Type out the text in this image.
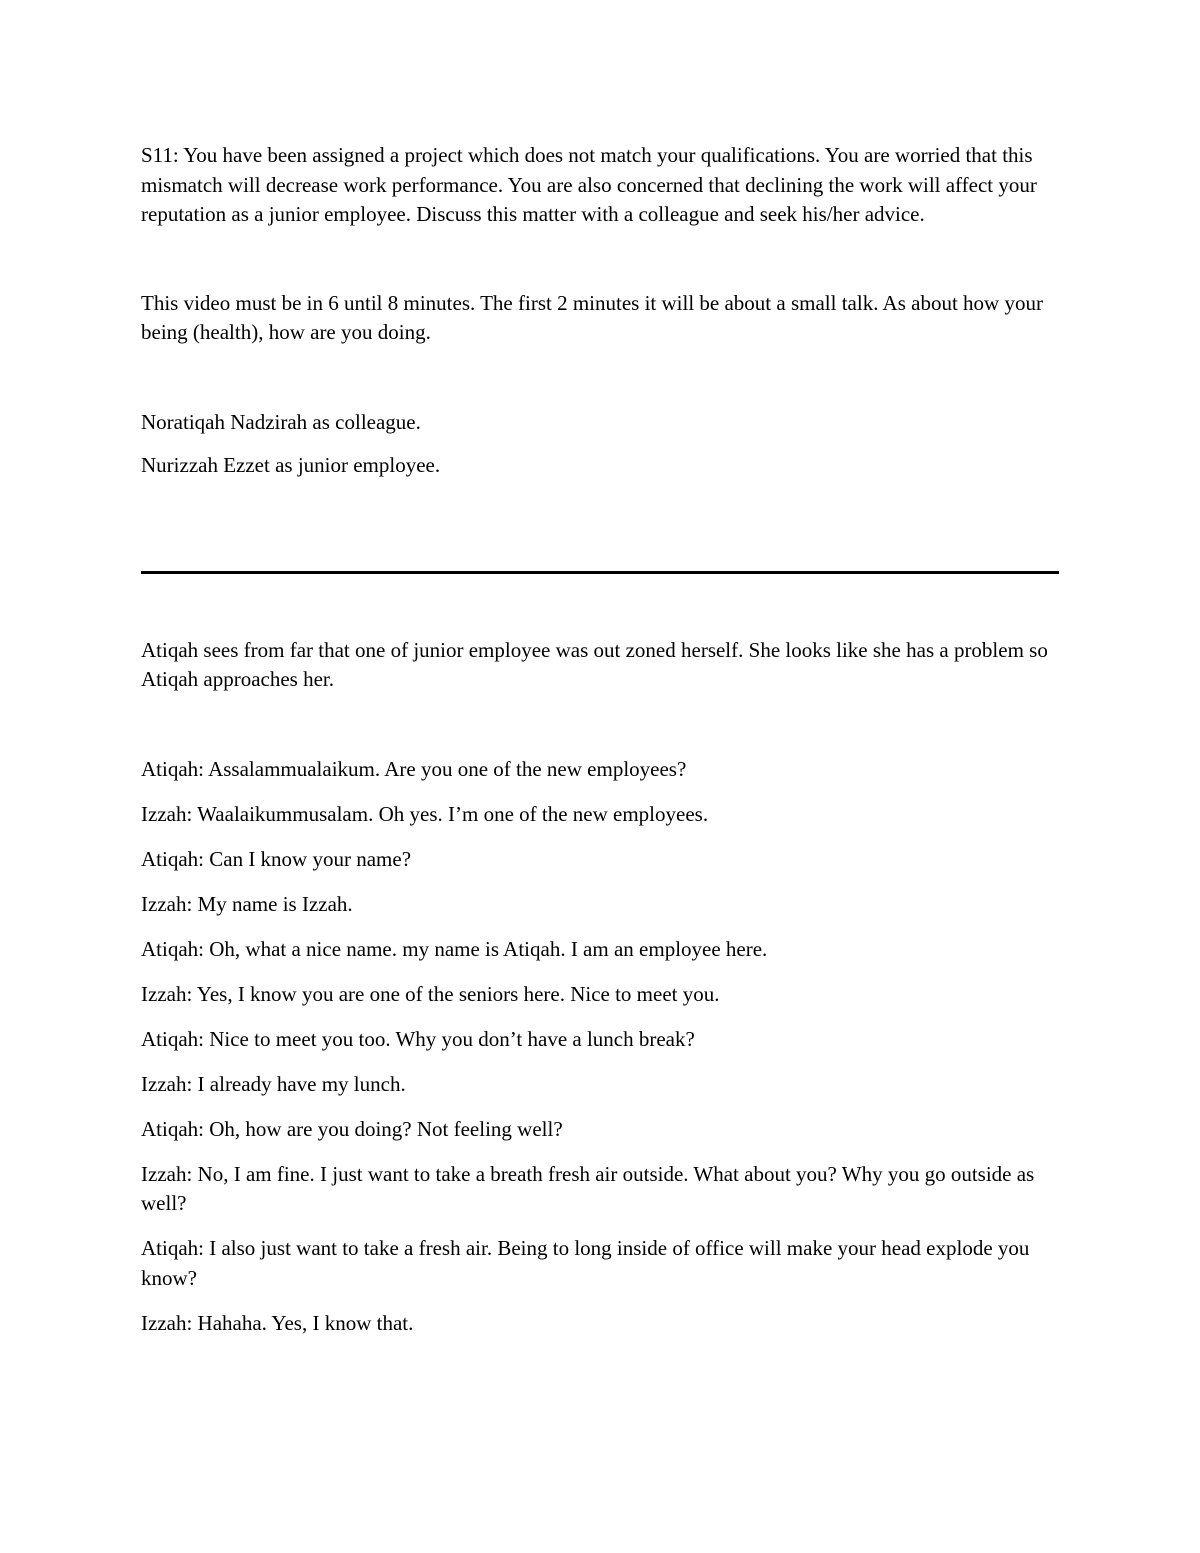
S11: You have been assigned a project which does not match your qualifications. You are worried that this mismatch will decrease work performance. You are also concerned that declining the work will affect your reputation as a junior employee. Discuss this matter with a colleague and seek his/her advice.

This video must be in 6 until 8 minutes. The first 2 minutes it will be about a small talk. As about how your being (health), how are you doing.

Noratiqah Nadzirah as colleague.

Nurizzah Ezzet as junior employee.

Atiqah sees from far that one of junior employee was out zoned herself. She looks like she has a problem so Atiqah approaches her.

Atiqah: Assalammualaikum. Are you one of the new employees?

Izzah: Waalaikummusalam. Oh yes. I’m one of the new employees.

Atiqah: Can I know your name?

Izzah: My name is Izzah.

Atiqah: Oh, what a nice name. my name is Atiqah. I am an employee here.

Izzah: Yes, I know you are one of the seniors here. Nice to meet you.

Atiqah: Nice to meet you too. Why you don’t have a lunch break?

Izzah: I already have my lunch.

Atiqah: Oh, how are you doing? Not feeling well?

Izzah: No, I am fine. I just want to take a breath fresh air outside. What about you? Why you go outside as well?

Atiqah: I also just want to take a fresh air. Being to long inside of office will make your head explode you know?

Izzah: Hahaha. Yes, I know that.
